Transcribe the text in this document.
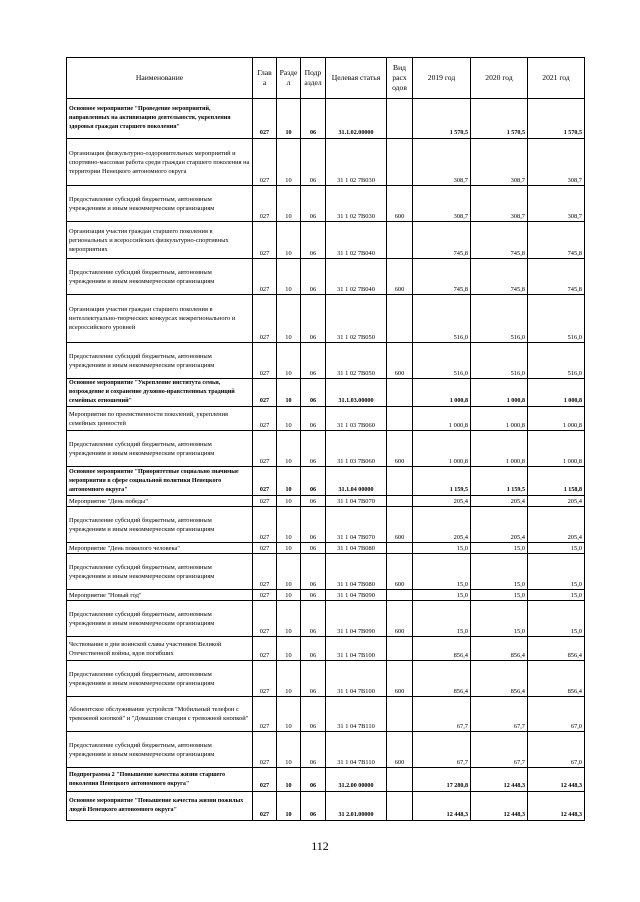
Наименование	Глав а	Разде л	Подр аздел	Целевая статья	Вид расх одов	2019 год	2020 год	2021 год
Основное мероприятие "Проведение мероприятий, направленных на активизацию деятельности, укрепления здоровья граждан старшего поколения"	027	10	06	31.1.02.00000		1 570,5	1 570,5	1 570,5
Организация физкультурно-оздоровительных мероприятий и спортивно-массовая работа среди граждан старшего поколения на территории Ненецкого автономного округа	027	10	06	31 1 02 7В030		308,7	308,7	308,7
Предоставление субсидий бюджетным, автономным учреждениям и иным некоммерческим организациям	027	10	06	31 1 02 7В030	600	308,7	308,7	308,7
Организация участия граждан старшего поколения в региональных и всероссийских физкультурно-спортивных мероприятиях	027	10	06	31 1 02 7В040		745,8	745,8	745,8
Предоставление субсидий бюджетным, автономным учреждениям и иным некоммерческим организациям	027	10	06	31 1 02 7В040	600	745,8	745,8	745,8
Организация участия граждан старшего поколения в интеллектуально-творческих конкурсах межрегионального и всероссийского уровней	027	10	06	31 1 02 7В050		516,0	516,0	516,0
Предоставление субсидий бюджетным, автономным учреждениям и иным некоммерческим организациям	027	10	06	31 1 02 7В050	600	516,0	516,0	516,0
Основное мероприятие "Укрепление института семьи, возрождение и сохранение духовно-нравственных традиций семейных отношений"	027	10	06	31.1.03.00000		1 000,8	1 000,8	1 000,8
Мероприятия по преемственности поколений, укрепления семейных ценностей	027	10	06	31 1 03 7В060		1 000,8	1 000,8	1 000,8
Предоставление субсидий бюджетным, автономным учреждениям и иным некоммерческим организациям	027	10	06	31 1 03 7В060	600	1 000,8	1 000,8	1 000,8
Основное мероприятие "Приоритетные социально значимые мероприятия в сфере социальной политики Ненецкого автономного округа"	027	10	06	31.1.04 00000		1 159,5	1 159,5	1 158,8
Мероприятие "День победы"	027	10	06	31 1 04 7В070		205,4	205,4	205,4
Предоставление субсидий бюджетным, автономным учреждениям и иным некоммерческим организациям	027	10	06	31 1 04 7В070	600	205,4	205,4	205,4
Мероприятие "День пожилого человека"	027	10	06	31 1 04 7В080		15,0	15,0	15,0
Предоставление субсидий бюджетным, автономным учреждениям и иным некоммерческим организациям	027	10	06	31 1 04 7В080	600	15,0	15,0	15,0
Мероприятие "Новый год"	027	10	06	31 1 04 7В090		15,0	15,0	15,0
Предоставление субсидий бюджетным, автономным учреждениям и иным некоммерческим организациям	027	10	06	31 1 04 7В090	600	15,0	15,0	15,0
Чествование в дни воинской славы участников Великой Отечественной войны, вдов погибших	027	10	06	31 1 04 7В100		856,4	856,4	856,4
Предоставление субсидий бюджетным, автономным учреждениям и иным некоммерческим организациям	027	10	06	31 1 04 7В100	600	856,4	856,4	856,4
Абонентское обслуживание устройств "Мобильный телефон с тревожной кнопкой" и "Домашняя станция с тревожной кнопкой"	027	10	06	31 1 04 7В110		67,7	67,7	67,0
Предоставление субсидий бюджетным, автономным учреждениям и иным некоммерческим организациям	027	10	06	31 1 04 7В110	600	67,7	67,7	67,0
Подпрограмма 2 "Повышение качества жизни старшего поколения Ненецкого автономного округа"	027	10	06	31.2.00 00000		17 280,8	12 448,3	12 448,3
Основное мероприятие "Повышение качества жизни пожилых людей Ненецкого автономного округа"	027	10	06	31 2.01.00000		12 448,3	12 448,3	12 448,3
112
